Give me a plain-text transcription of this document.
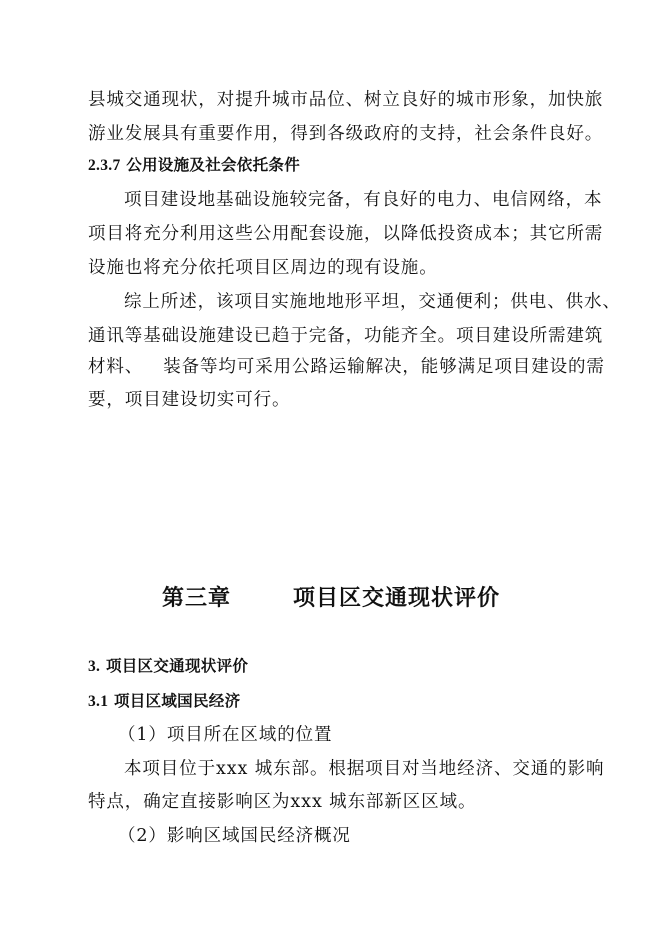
县城交通现状，对提升城市品位、树立良好的城市形象，加快旅
游业发展具有重要作用，得到各级政府的支持，社会条件良好。
2.3.7 公用设施及社会依托条件
项目建设地基础设施较完备，有良好的电力、电信网络，本
项目将充分利用这些公用配套设施，以降低投资成本；其它所需
设施也将充分依托项目区周边的现有设施。
综上所述，该项目实施地地形平坦，交通便利；供电、供水、
通讯等基础设施建设已趋于完备，功能齐全。项目建设所需建筑
材料、 装备等均可采用公路运输解决，能够满足项目建设的需
要，项目建设切实可行。
第三章	项目区交通现状评价
3. 项目区交通现状评价
3.1 项目区域国民经济
（1）项目所在区域的位置
本项目位于xxx 城东部。根据项目对当地经济、交通的影响
特点，确定直接影响区为xxx 城东部新区区域。
（2）影响区域国民经济概况
